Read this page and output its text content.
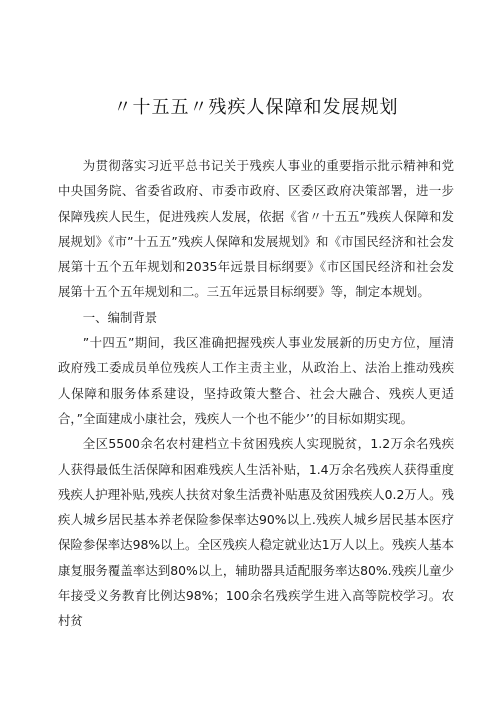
〃十五五〃残疾人保障和发展规划

为贯彻落实习近平总书记关于残疾人事业的重要指示批示精神和党中央国务院、省委省政府、市委市政府、区委区政府决策部署，进一步保障残疾人民生，促进残疾人发展，依据《省〃十五五”残疾人保障和发展规划》《市”十五五”残疾人保障和发展规划》和《市国民经济和社会发展第十五个五年规划和2035年远景目标纲要》《市区国民经济和社会发展第十五个五年规划和二。三五年远景目标纲要》等，制定本规划。

一、编制背景

”十四五”期间，我区准确把握残疾人事业发展新的历史方位，厘清政府残工委成员单位残疾人工作主责主业，从政治上、法治上推动残疾人保障和服务体系建设，坚持政策大整合、社会大融合、残疾人更适合，”全面建成小康社会，残疾人一个也不能少’’的目标如期实现。

全区5500余名农村建档立卡贫困残疾人实现脱贫，1.2万余名残疾人获得最低生活保障和困难残疾人生活补贴，1.4万余名残疾人获得重度残疾人护理补贴,残疾人扶贫对象生活费补贴惠及贫困残疾人0.2万人。残疾人城乡居民基本养老保险参保率达90%以上.残疾人城乡居民基本医疗保险参保率达98%以上。全区残疾人稳定就业达1万人以上。残疾人基本康复服务覆盖率达到80%以上，辅助器具适配服务率达80%.残疾儿童少年接受义务教育比例达98%；100余名残疾学生进入高等院校学习。农村贫
